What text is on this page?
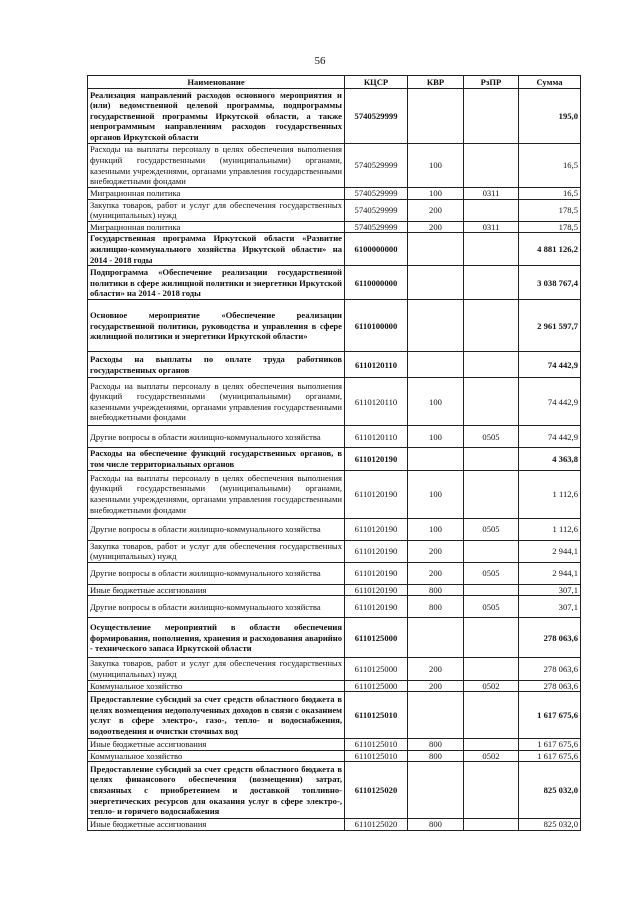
56
Наименование	КЦСР	КВР	РзПР	Сумма
Реализация направлений расходов основного мероприятия и (или) ведомственной целевой программы, подпрограммы государственной программы Иркутской области, а также непрограммным направлениям расходов государственных органов Иркутской области	5740529999			195,0
Расходы на выплаты персоналу в целях обеспечения выполнения функций государственными (муниципальными) органами, казенными учреждениями, органами управления государственными внебюджетными фондами	5740529999	100		16,5
Миграционная политика	5740529999	100	0311	16,5
Закупка товаров, работ и услуг для обеспечения государственных (муниципальных) нужд	5740529999	200		178,5
Миграционная политика	5740529999	200	0311	178,5
Государственная программа Иркутской области «Развитие жилищно-коммунального хозяйства Иркутской области» на 2014 - 2018 годы	6100000000			4 881 126,2
Подпрограмма «Обеспечение реализации государственной политики в сфере жилищной политики и энергетики Иркутской области» на 2014 - 2018 годы	6110000000			3 038 767,4
Основное мероприятие «Обеспечение реализации государственной политики, руководства и управления в сфере жилищной политики и энергетики Иркутской области»	6110100000			2 961 597,7
Расходы на выплаты по оплате труда работников государственных органов	6110120110			74 442,9
Расходы на выплаты персоналу в целях обеспечения выполнения функций государственными (муниципальными) органами, казенными учреждениями, органами управления государственными внебюджетными фондами	6110120110	100		74 442,9
Другие вопросы в области жилищно-коммунального хозяйства	6110120110	100	0505	74 442,9
Расходы на обеспечение функций государственных органов, в том числе территориальных органов	6110120190			4 363,8
Расходы на выплаты персоналу в целях обеспечения выполнения функций государственными (муниципальными) органами, казенными учреждениями, органами управления государственными внебюджетными фондами	6110120190	100		1 112,6
Другие вопросы в области жилищно-коммунального хозяйства	6110120190	100	0505	1 112,6
Закупка товаров, работ и услуг для обеспечения государственных (муниципальных) нужд	6110120190	200		2 944,1
Другие вопросы в области жилищно-коммунального хозяйства	6110120190	200	0505	2 944,1
Иные бюджетные ассигнования	6110120190	800		307,1
Другие вопросы в области жилищно-коммунального хозяйства	6110120190	800	0505	307,1
Осуществление мероприятий в области обеспечения формирования, пополнения, хранения и расходования аварийно - технического запаса Иркутской области	6110125000			278 063,6
Закупка товаров, работ и услуг для обеспечения государственных (муниципальных) нужд	6110125000	200		278 063,6
Коммунальное хозяйство	6110125000	200	0502	278 063,6
Предоставление субсидий за счет средств областного бюджета в целях возмещения недополученных доходов в связи с оказанием услуг в сфере электро-, газо-, тепло- и водоснабжения, водоотведения и очистки сточных вод	6110125010			1 617 675,6
Иные бюджетные ассигнования	6110125010	800		1 617 675,6
Коммунальное хозяйство	6110125010	800	0502	1 617 675,6
Предоставление субсидий за счет средств областного бюджета в целях финансового обеспечения (возмещения) затрат, связанных с приобретением и доставкой топливно-энергетических ресурсов для оказания услуг в сфере электро-, тепло- и горячего водоснабжения	6110125020			825 032,0
Иные бюджетные ассигнования	6110125020	800		825 032,0
